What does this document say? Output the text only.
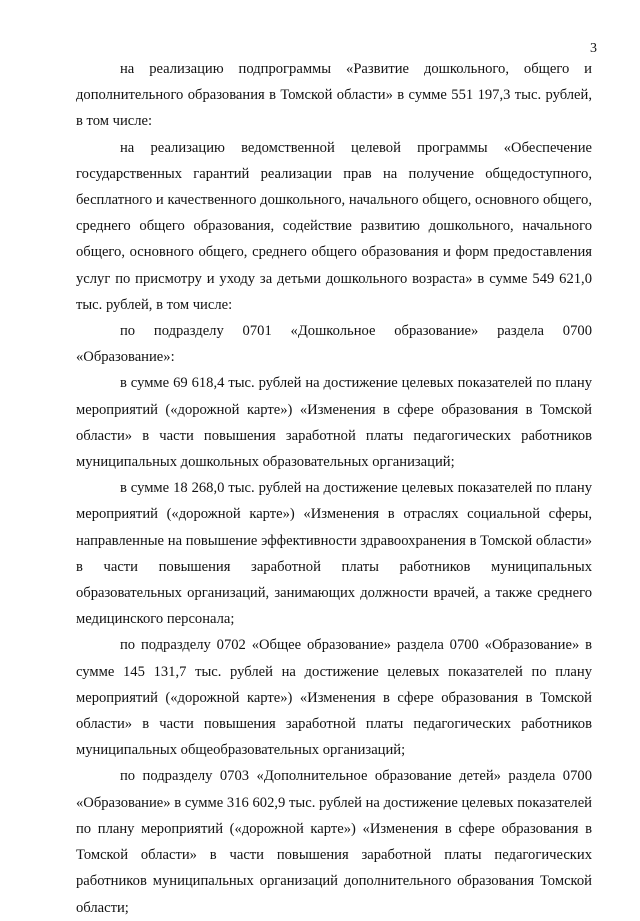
3

на реализацию подпрограммы «Развитие дошкольного, общего и дополнительного образования в Томской области» в сумме 551 197,3 тыс. рублей, в том числе:

на реализацию ведомственной целевой программы «Обеспечение государственных гарантий реализации прав на получение общедоступного, бесплатного и качественного дошкольного, начального общего, основного общего, среднего общего образования, содействие развитию дошкольного, начального общего, основного общего, среднего общего образования и форм предоставления услуг по присмотру и уходу за детьми дошкольного возраста» в сумме 549 621,0 тыс. рублей, в том числе:

по подразделу 0701 «Дошкольное образование» раздела 0700 «Образование»:

в сумме 69 618,4 тыс. рублей на достижение целевых показателей по плану мероприятий («дорожной карте») «Изменения в сфере образования в Томской области» в части повышения заработной платы педагогических работников муниципальных дошкольных образовательных организаций;

в сумме 18 268,0 тыс. рублей на достижение целевых показателей по плану мероприятий («дорожной карте») «Изменения в отраслях социальной сферы, направленные на повышение эффективности здравоохранения в Томской области» в части повышения заработной платы работников муниципальных образовательных организаций, занимающих должности врачей, а также среднего медицинского персонала;

по подразделу 0702 «Общее образование» раздела 0700 «Образование» в сумме 145 131,7 тыс. рублей на достижение целевых показателей по плану мероприятий («дорожной карте») «Изменения в сфере образования в Томской области» в части повышения заработной платы педагогических работников муниципальных общеобразовательных организаций;

по подразделу 0703 «Дополнительное образование детей» раздела 0700 «Образование» в сумме 316 602,9 тыс. рублей на достижение целевых показателей по плану мероприятий («дорожной карте») «Изменения в сфере образования в Томской области» в части повышения заработной платы педагогических работников муниципальных организаций дополнительного образования Томской области;
